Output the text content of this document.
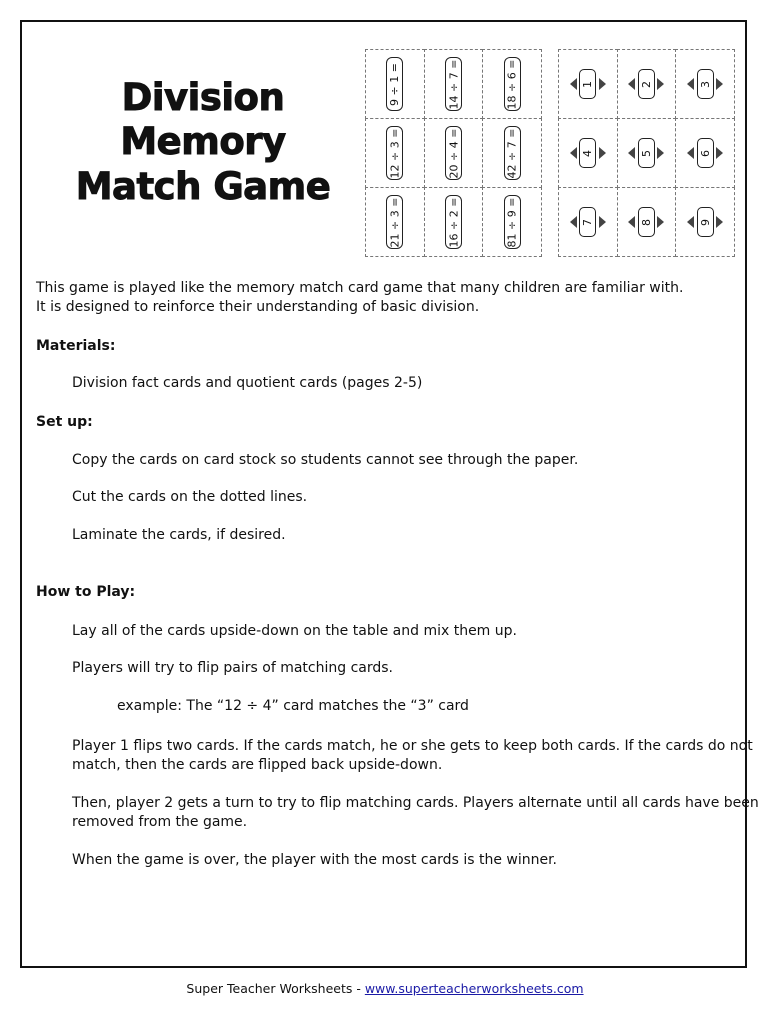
Division
Memory
Match Game
9 ÷ 1 =	14 ÷ 7 =	18 ÷ 6 =
12 ÷ 3 =	20 ÷ 4 =	42 ÷ 7 =
21 ÷ 3 =	16 ÷ 2 =	81 ÷ 9 =
1	2	3
4	5	6
7	8	9

This game is played like the memory match card game that many children are familiar with.

It is designed to reinforce their understanding of basic division.

Materials:
Division fact cards and quotient cards (pages 2-5)
Set up:
Copy the cards on card stock so students cannot see through the paper.
Cut the cards on the dotted lines.
Laminate the cards, if desired.
How to Play:
Lay all of the cards upside-down on the table and mix them up.
Players will try to flip pairs of matching cards.
example: The “12 ÷ 4” card matches the “3” card
Player 1 flips two cards. If the cards match, he or she gets to keep both cards. If the cards do not match, then the cards are flipped back upside-down.
Then, player 2 gets a turn to try to flip matching cards. Players alternate until all cards have been removed from the game.
When the game is over, the player with the most cards is the winner.
Super Teacher Worksheets - www.superteacherworksheets.com
